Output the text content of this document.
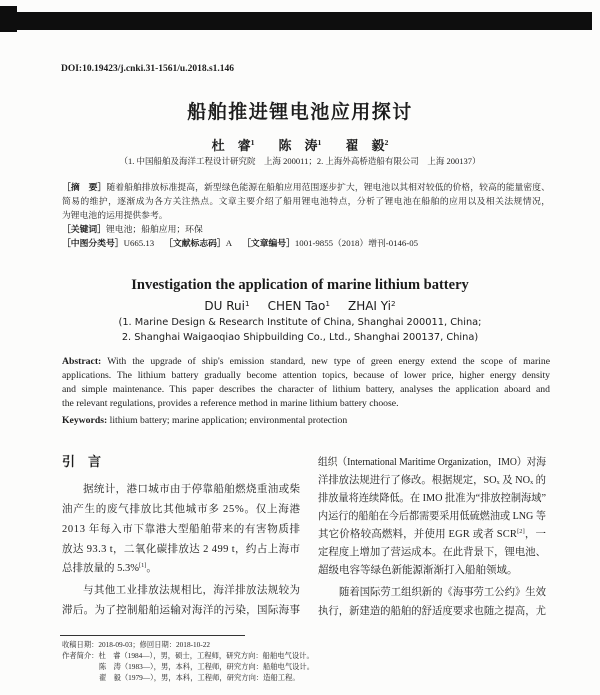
DOI:10.19423/j.cnki.31-1561/u.2018.s1.146
船舶推进锂电池应用探讨
杜　睿$^1$ 陈　涛$^1$ 翟　毅$^2$
（1. 中国船舶及海洋工程设计研究院　上海 200011；2. 上海外高桥造船有限公司　上海 200137）
［摘　要］随着船舶排放标准提高，新型绿色能源在船舶应用范围逐步扩大，锂电池以其相对较低的价格，较高的能量密度、
简易的维护，逐渐成为各方关注热点。文章主要介绍了船用锂电池特点，分析了锂电池在船舶的应用以及相关法规情况，
为锂电池的运用提供参考。
［关键词］锂电池；船舶应用；环保
［中图分类号］U665.13 ［文献标志码］A ［文章编号］1001-9855（2018）增刊-0146-05
Investigation the application of marine lithium battery
DU Rui$^1$ CHEN Tao$^1$ ZHAI Yi$^2$
(1. Marine Design & Research Institute of China, Shanghai 200011, China;
2. Shanghai Waigaoqiao Shipbuilding Co., Ltd., Shanghai 200137, China)
Abstract: With the upgrade of ship's emission standard, new type of green energy extend the scope of marine
applications. The lithium battery gradually become attention topics, because of lower price, higher energy density
and simple maintenance. This paper describes the character of lithium battery, analyses the application aboard and
the relevant regulations, provides a reference method in marine lithium battery choose.
Keywords: lithium battery; marine application; environmental protection
引　言
据统计，港口城市由于停靠船舶燃烧重油或柴
油产生的废气排放比其他城市多 25%。仅上海港
2013 年每入市下靠港大型船舶带来的有害物质排
放达 93.3 t，二氧化碳排放达 2 499 t，约占上海市
总排放量的 5.3%[1]。
与其他工业排放法规相比，海洋排放法规较为
滞后。为了控制船舶运输对海洋的污染，国际海事
组织（International Maritime Organization，IMO）对海
洋排放法规进行了修改。根据规定，SOₓ 及 NOₓ 的
排放量将连续降低。在 IMO 批准为“排放控制海域”
内运行的船舶在今后都需要采用低硫燃油或 LNG 等
其它价格较高燃料，并使用 EGR 或者 SCR[2]，一
定程度上增加了营运成本。在此背景下，锂电池、
超级电容等绿色新能源渐渐打入船舶领域。
随着国际劳工组织新的《海事劳工公约》生效
执行，新建造的船舶的舒适度要求也随之提高，尤
收稿日期：2018-09-03；修回日期：2018-10-22
作者简介：杜　睿（1984—），男，硕士，工程师，研究方向：船舶电气设计。
陈　涛（1983—），男，本科，工程师，研究方向：船舶电气设计。
翟　毅（1979—），男，本科，工程师，研究方向：造船工程。
